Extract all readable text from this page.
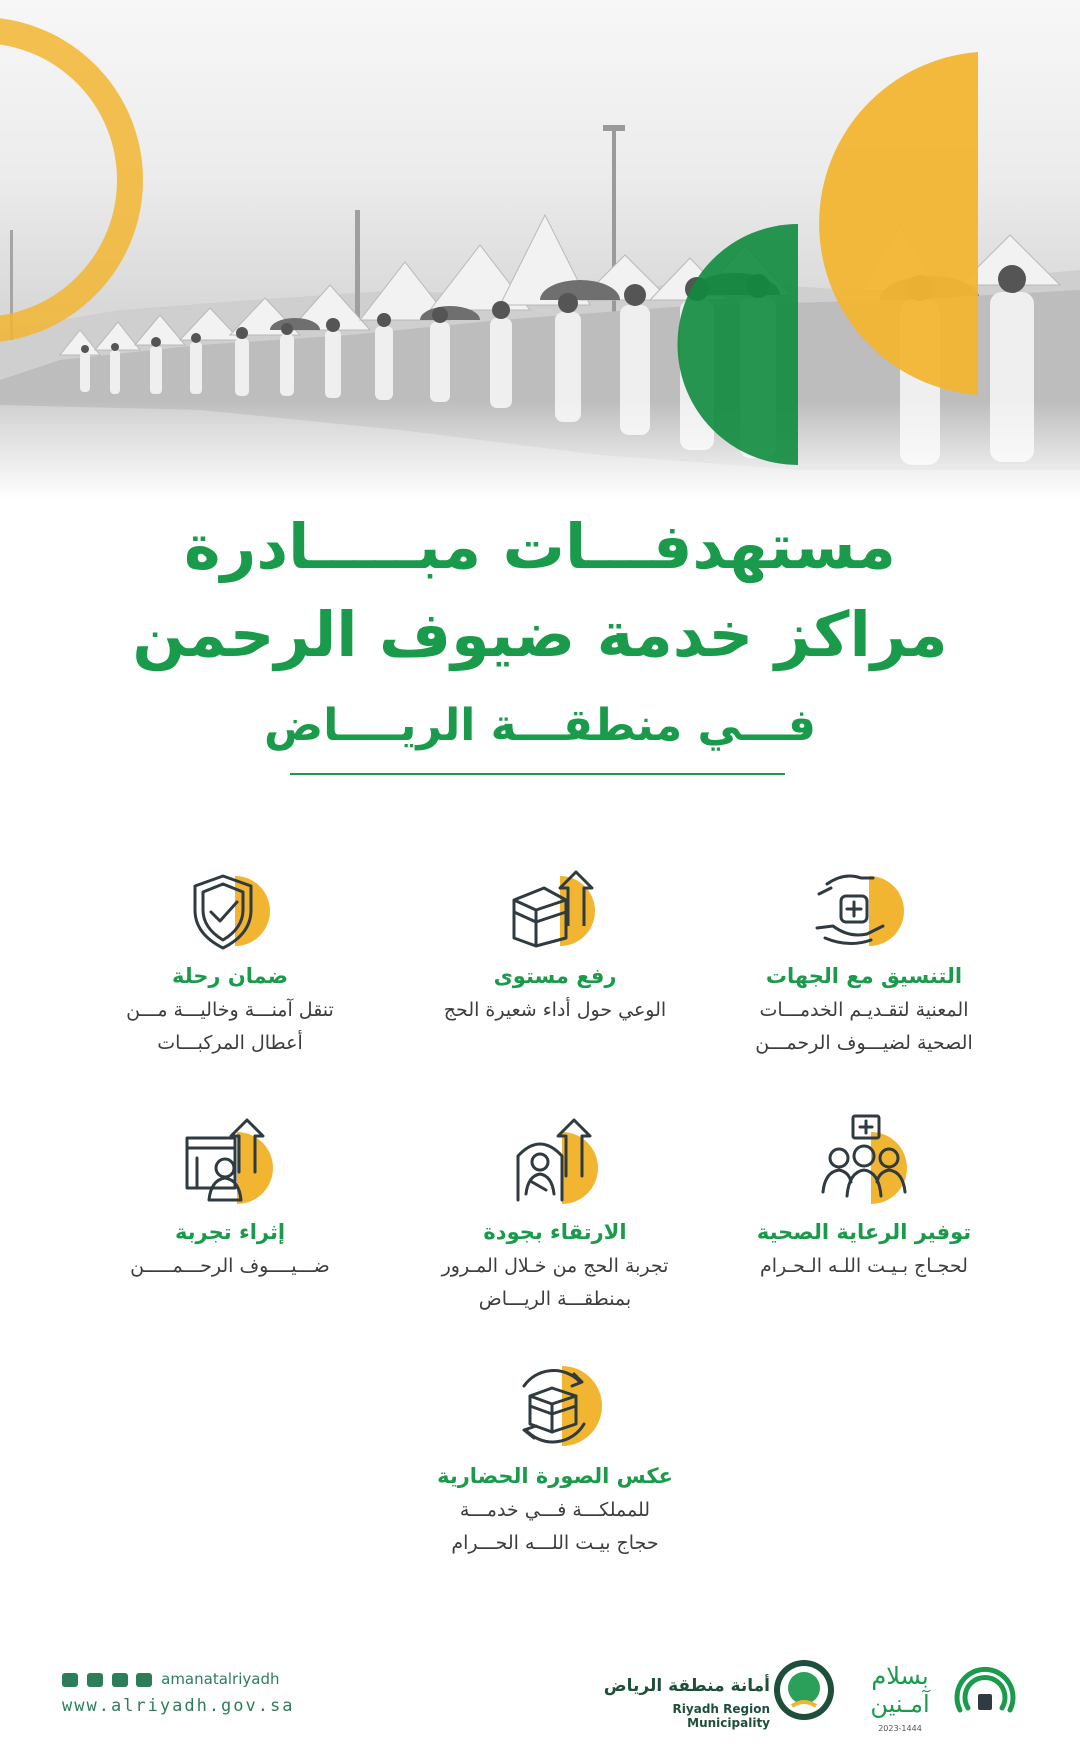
مستهدفـــات مبـــــادرة
مراكز خدمة ضيوف الرحمن
فـــي منطقـــة الريــــاض
التنسيق مع الجهات

المعنية لتقـديـم الخدمـــات

الصحية لضيـــوف الرحمـــن

رفع مستوى

الوعي حول أداء شعيرة الحج

ضمان رحلة

تنقل آمنـــة وخاليـــة مـــن

أعطال المركبـــات

توفير الرعاية الصحية

لحجـاج بـيـت اللـه الـحـرام

الارتقاء بجودة

تجربة الحج من خـلال المـرور

بمنطقـــة الريـــاض

إثراء تجربة

ضـــيــــوف الرحـــمـــــن

عكس الصورة الحضارية

للمملكـــة فـــي خدمـــة

حجاج بيـت اللـــه الحـــرام

amanatalriyadh
www.alriyadh.gov.sa
أمانة منطقة الرياض
Riyadh Region Municipality
بسلام
آمـنين
2023-1444
